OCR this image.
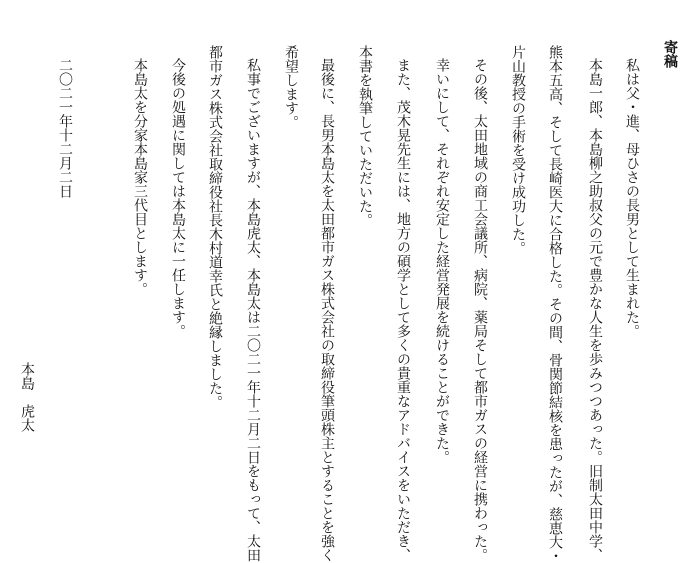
寄稿
私は父・進、母ひさの長男として生まれた。
本島一郎、本島柳之助叔父の元で豊かな人生を歩みつつあった。旧制太田中学、
熊本五高、そして長崎医大に合格した。その間、骨関節結核を患ったが、慈恵大・
片山教授の手術を受け成功した。
その後、太田地域の商工会議所、病院、薬局そして都市ガスの経営に携わった。
幸いにして、それぞれ安定した経営発展を続けることができた。
また、茂木晃先生には、地方の碩学として多くの貴重なアドバイスをいただき、
本書を執筆していただいた。
最後に、長男本島太を太田都市ガス株式会社の取締役筆頭株主とすることを強く
希望します。
私事でございますが、本島虎太、本島太は二〇二一年十二月二日をもって、太田
都市ガス株式会社取締役社長木村道幸氏と絶縁しました。
今後の処遇に関しては本島太に一任します。
本島太を分家本島家三代目とします。
二〇二一年十二月二日
本島　虎太
